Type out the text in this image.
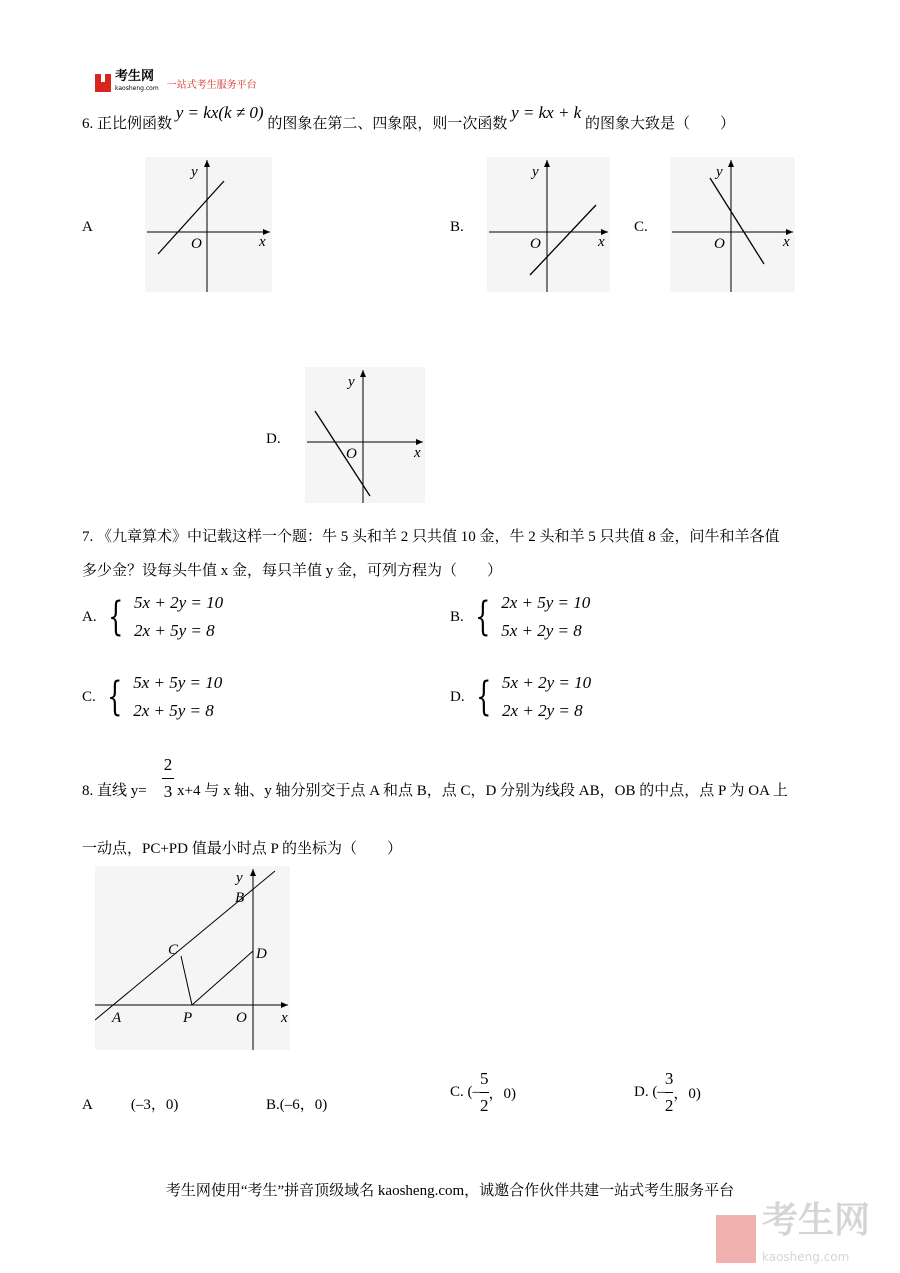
考生网
kaosheng.com 一站式考生服务平台
6. 正比例函数 y = kx(k ≠ 0) 的图象在第二、四象限，则一次函数 y = kx + k 的图象大致是（　　）
A	B.	C.
D.
y
O	x
y
O	x
y
O	x
y
O	x
7. 《九章算术》中记载这样一个题：牛 5 头和羊 2 只共值 10 金，牛 2 头和羊 5 只共值 8 金，问牛和羊各值
多少金？设每头牛值 x 金，每只羊值 y 金，可列方程为（　　）
A. { 5x + 2y = 10
2x + 5y = 8
B. { 2x + 5y = 10
5x + 2y = 8
C. { 5x + 5y = 10
2x + 5y = 8
D. { 5x + 2y = 10
2x + 2y = 8
8. 直线 y=
2
3 x+4 与 x 轴、y 轴分别交于点 A 和点 B，点 C，D 分别为线段 AB，OB 的中点，点 P 为 OA 上
一动点，PC+PD 值最小时点 P 的坐标为（　　）
y
B
C	D
A	P	O x
A	(–3，0)	B.(–6，0)
C.
(–
5
2
，0)	D.
(–
3
2
，0)
考生网使用“考生”拼音顶级域名 kaosheng.com，诚邀合作伙伴共建一站式考生服务平台
考生网
kaosheng.com
